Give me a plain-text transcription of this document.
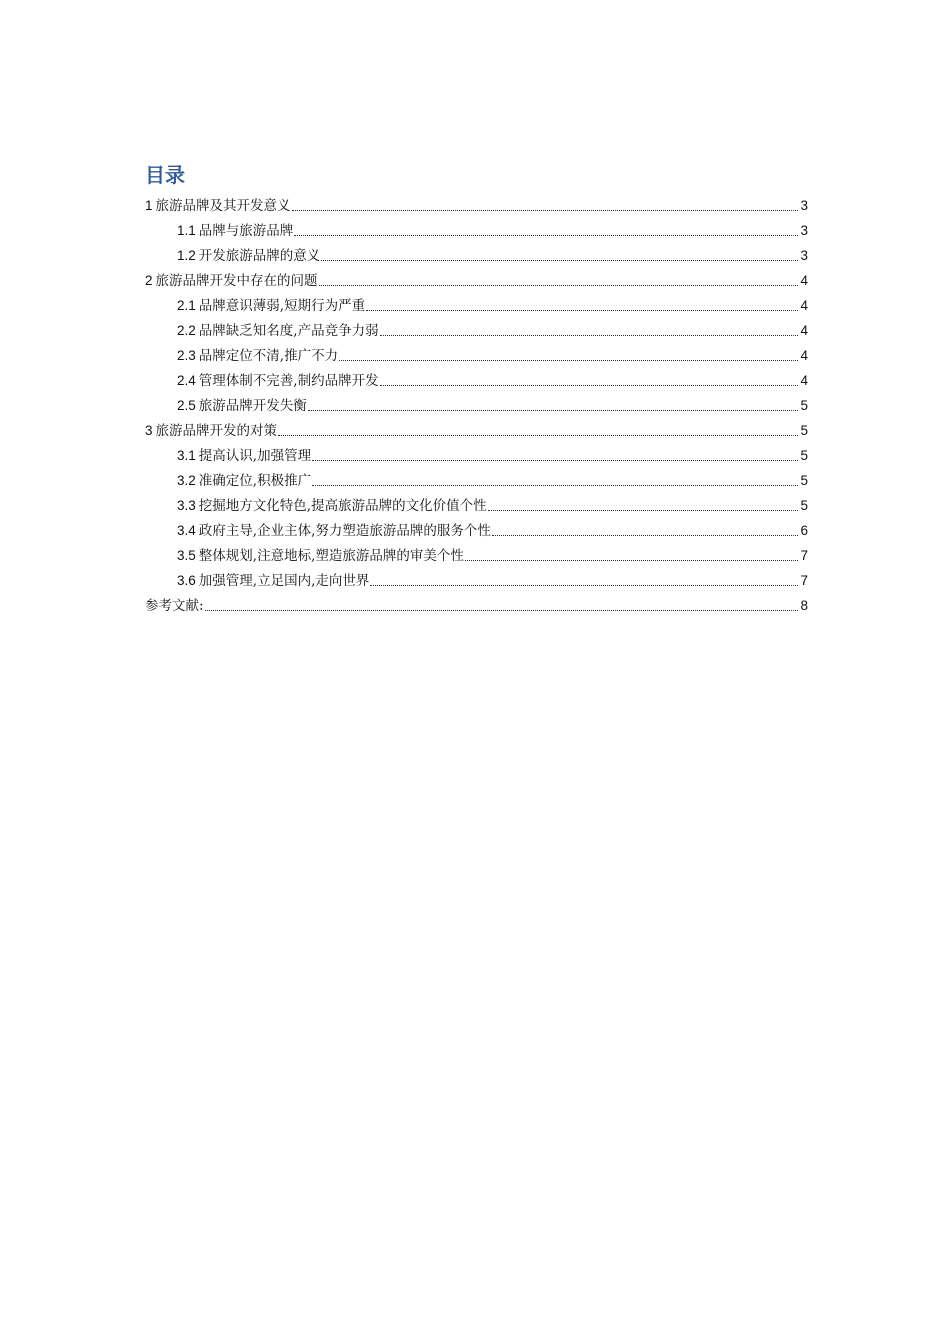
目录
1 旅游品牌及其开发意义	3
1.1 品牌与旅游品牌	3
1.2 开发旅游品牌的意义	3
2 旅游品牌开发中存在的问题	4
2.1 品牌意识薄弱,短期行为严重	4
2.2 品牌缺乏知名度,产品竞争力弱	4
2.3 品牌定位不清,推广不力	4
2.4 管理体制不完善,制约品牌开发	4
2.5 旅游品牌开发失衡	5
3 旅游品牌开发的对策	5
3.1 提高认识,加强管理	5
3.2 准确定位,积极推广	5
3.3 挖掘地方文化特色,提高旅游品牌的文化价值个性	5
3.4 政府主导,企业主体,努力塑造旅游品牌的服务个性	6
3.5 整体规划,注意地标,塑造旅游品牌的审美个性	7
3.6 加强管理,立足国内,走向世界	7
参考文献:	8
